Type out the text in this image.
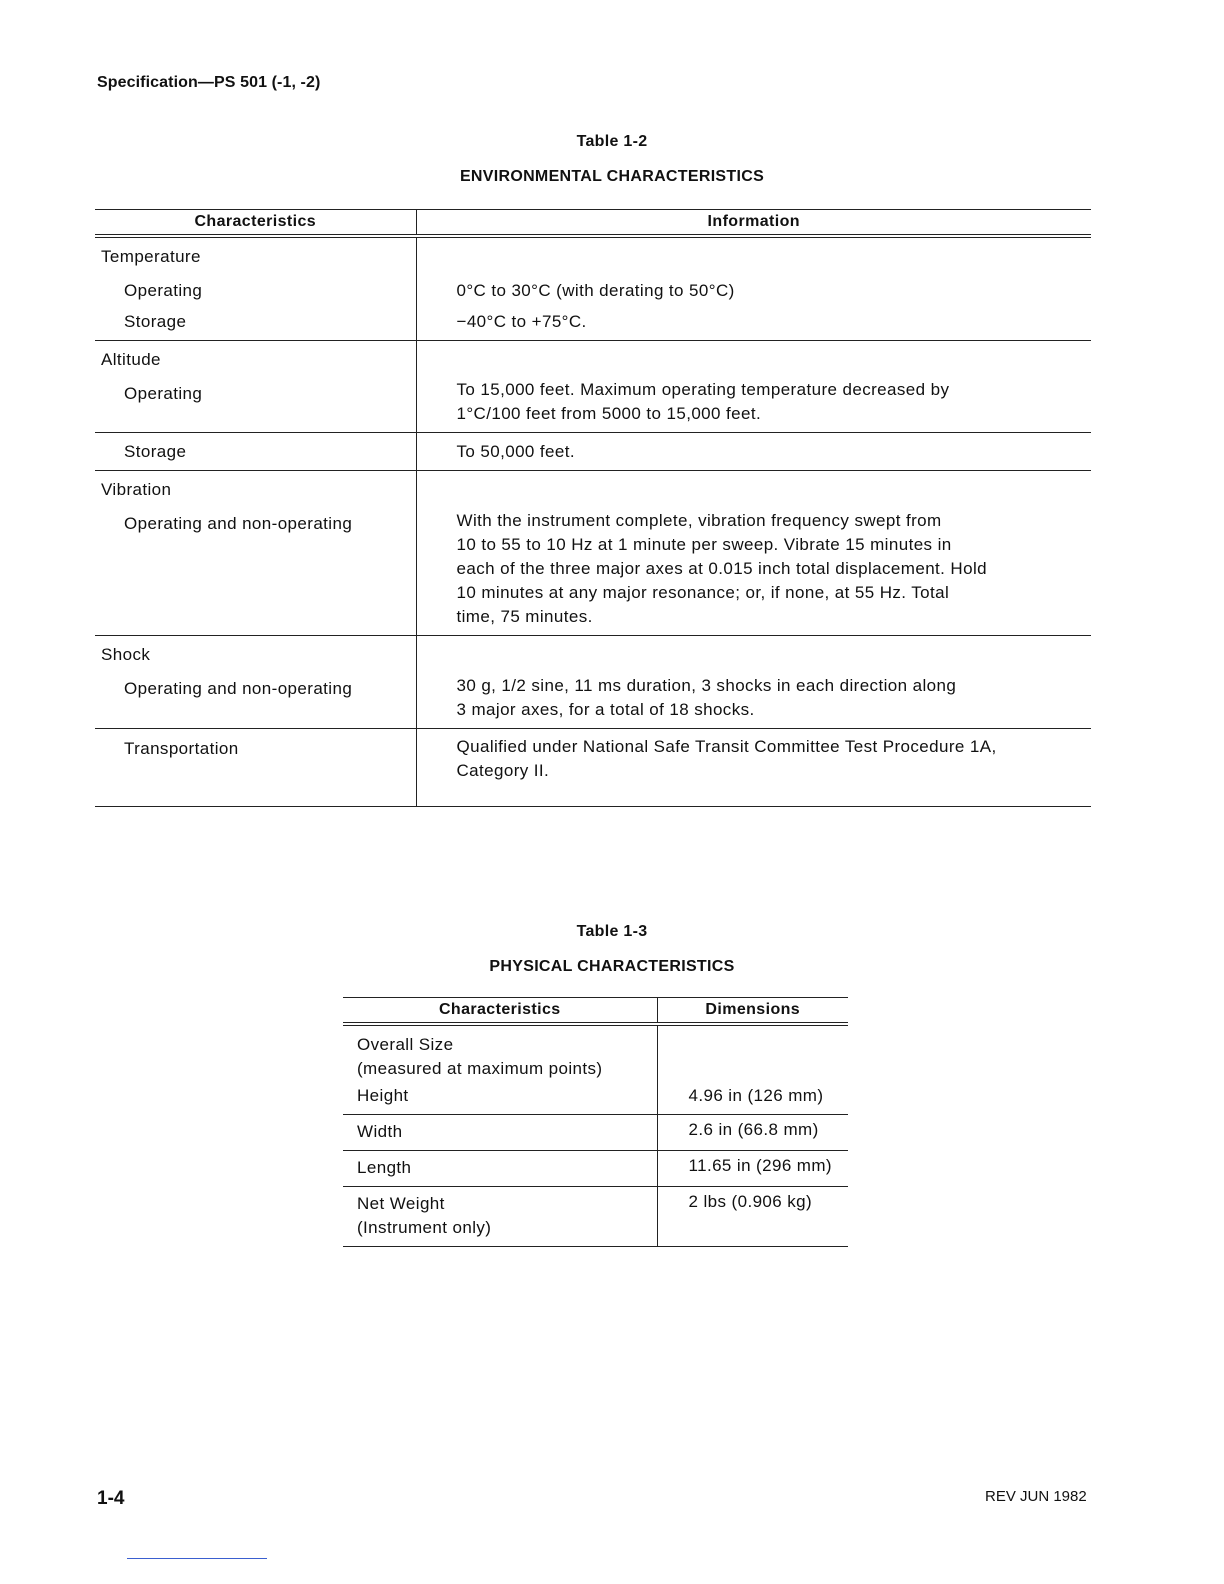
Specification—PS 501 (-1, -2)
Table 1-2
ENVIRONMENTAL CHARACTERISTICS
Characteristics	Information

Temperature
Operating	0°C to 30°C (with derating to 50°C)

Storage	−40°C to +75°C.

Altitude
Operating	To 15,000 feet. Maximum operating temperature decreased by
1°C/100 feet from 5000 to 15,000 feet.

Storage	To 50,000 feet.

Vibration
Operating and non-operating	With the instrument complete, vibration frequency swept from
10 to 55 to 10 Hz at 1 minute per sweep. Vibrate 15 minutes in
each of the three major axes at 0.015 inch total displacement. Hold
10 minutes at any major resonance; or, if none, at 55 Hz. Total
time, 75 minutes.

Shock
Operating and non-operating	30 g, 1/2 sine, 11 ms duration, 3 shocks in each direction along
3 major axes, for a total of 18 shocks.

Transportation	Qualified under National Safe Transit Committee Test Procedure 1A,
Category II.
Table 1-3
PHYSICAL CHARACTERISTICS
Characteristics	Dimensions

Overall Size
(measured at maximum points)
Height	4.96 in (126 mm)

Width	2.6 in (66.8 mm)

Length	11.65 in (296 mm)

Net Weight
(Instrument only)	2 lbs (0.906 kg)
1-4	REV JUN 1982
